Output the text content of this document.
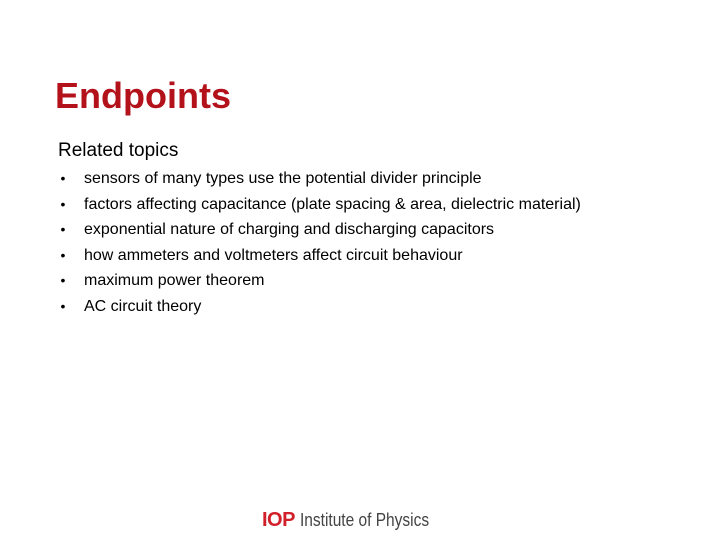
Endpoints

Related topics

• sensors of many types use the potential divider principle
• factors affecting capacitance (plate spacing & area, dielectric material)
• exponential nature of charging and discharging capacitors
• how ammeters and voltmeters affect circuit behaviour
• maximum power theorem
• AC circuit theory
IOP Institute of Physics
